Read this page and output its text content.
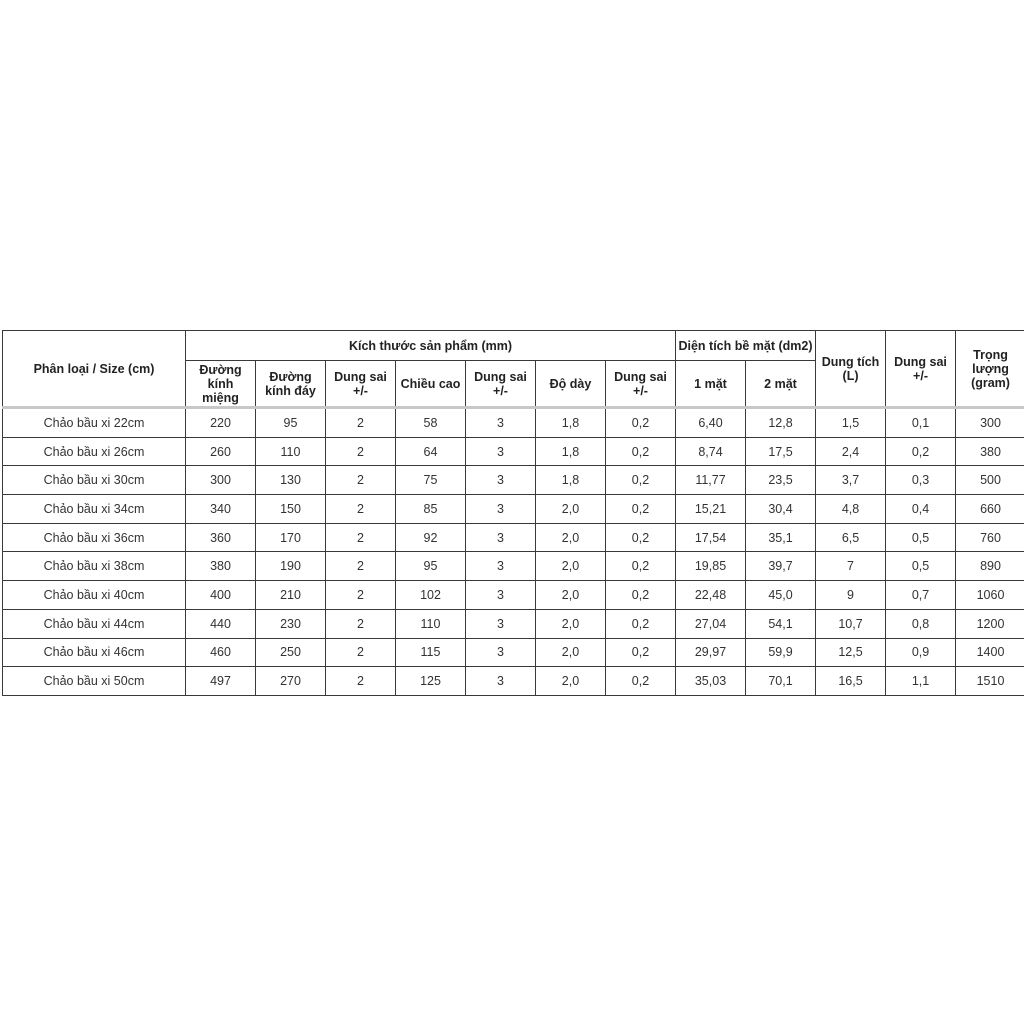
Phân loại / Size (cm)	Kích thước sản phẩm (mm)							Diện tích bề mặt (dm2)		Dung tích (L)	Dung sai +/-	Trọng lượng (gram)
	Đường kính miệng	Đường kính đáy	Dung sai +/-	Chiều cao	Dung sai +/-	Độ dày	Dung sai +/-	1 mặt	2 mặt			
Chảo bầu xi 22cm	220	95	2	58	3	1,8	0,2	6,40	12,8	1,5	0,1	300
Chảo bầu xi 26cm	260	110	2	64	3	1,8	0,2	8,74	17,5	2,4	0,2	380
Chảo bầu xi 30cm	300	130	2	75	3	1,8	0,2	11,77	23,5	3,7	0,3	500
Chảo bầu xi 34cm	340	150	2	85	3	2,0	0,2	15,21	30,4	4,8	0,4	660
Chảo bầu xi 36cm	360	170	2	92	3	2,0	0,2	17,54	35,1	6,5	0,5	760
Chảo bầu xi 38cm	380	190	2	95	3	2,0	0,2	19,85	39,7	7	0,5	890
Chảo bầu xi 40cm	400	210	2	102	3	2,0	0,2	22,48	45,0	9	0,7	1060
Chảo bầu xi 44cm	440	230	2	110	3	2,0	0,2	27,04	54,1	10,7	0,8	1200
Chảo bầu xi 46cm	460	250	2	115	3	2,0	0,2	29,97	59,9	12,5	0,9	1400
Chảo bầu xi 50cm	497	270	2	125	3	2,0	0,2	35,03	70,1	16,5	1,1	1510
